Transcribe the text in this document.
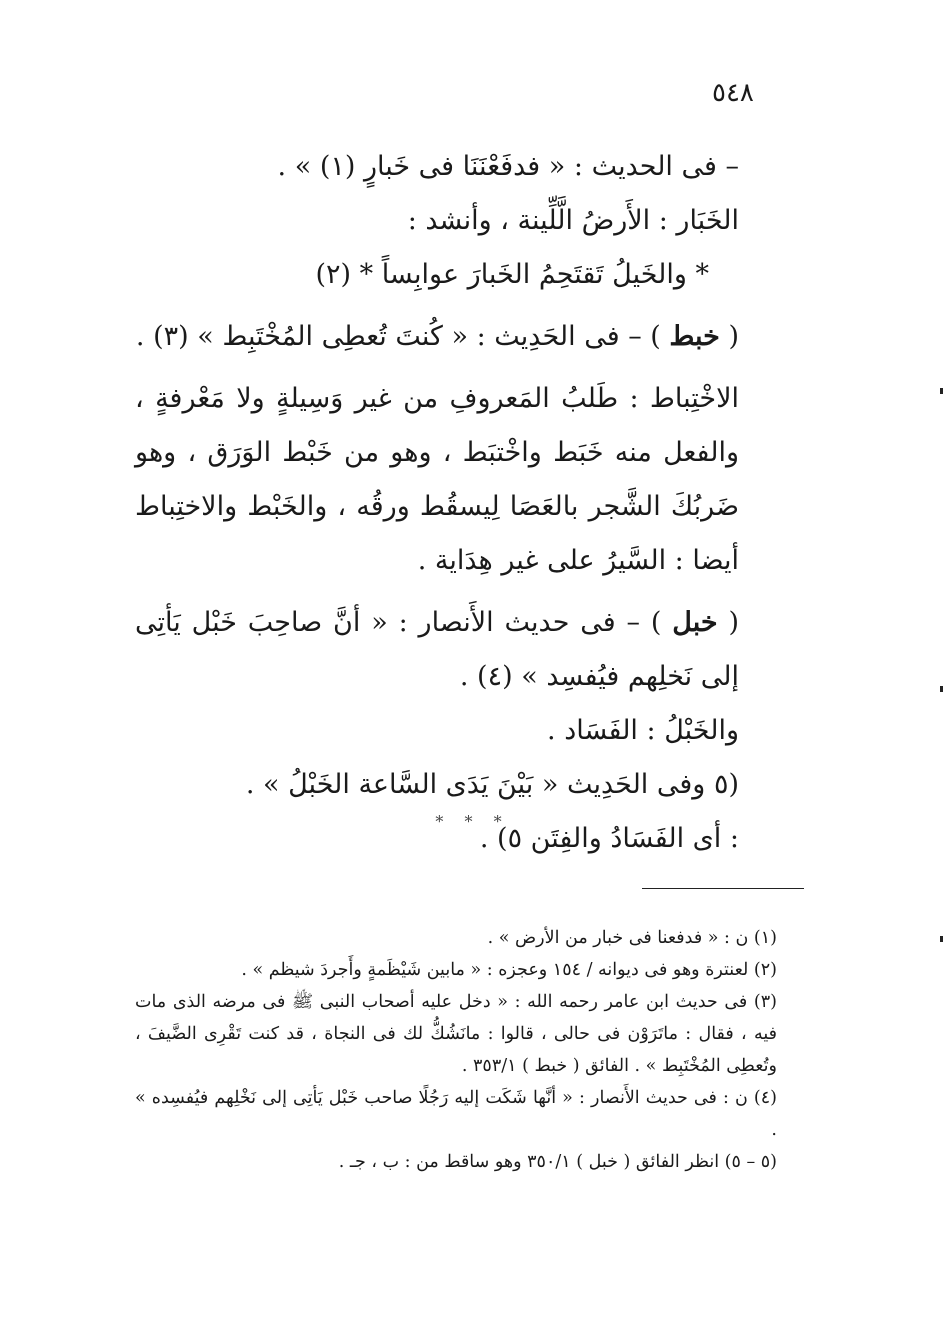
٥٤٨

– فى الحديث : « فدفَعْنَنَا فى خَبارٍ (١) » .

الخَبَار : الأَرضُ الَّلِّينة ، وأنشد :

* والخَيلُ تَقتَحِمُ الخَبارَ عوابِساً * (٢)

( خبط ) – فى الحَدِيث : « كُنتَ تُعطِى المُخْتَبِط » (٣) .

الاخْتِباط : طَلبُ المَعروفِ من غير وَسِيلةٍ ولا مَعْرفةٍ ، والفعل منه خَبَط واخْتبَط ، وهو من خَبْط الوَرَق ، وهو ضَربُكَ الشَّجر بالعَصَا لِيسقُط ورقُه ، والخَبْط والاختِباط أيضا : السَّيرُ على غير هِدَاية .

( خبل ) – فى حديث الأَنصار : « أنَّ صاحِبَ خَبْل يَأتِى إلى نَخلِهم فيُفسِد » (٤) .

والخَبْلُ : الفَسَاد .

(٥ وفى الحَدِيث « بَيْنَ يَدَى السَّاعة الخَبْلُ » .

: أى الفَسَادُ والفِتَن ٥) .

* * *

(١) ن : « فدفعنا فى خبار من الأرض » .

(٢) لعنترة وهو فى ديوانه / ١٥٤ وعجزه : « مابين شَيْظَمةٍ وأَجردَ شيظم » .

(٣) فى حديث ابن عامر رحمه الله : « دخل عليه أصحاب النبى ﷺ فى مرضه الذى مات فيه ، فقال : ماتَرَوْن فى حالى ، قالوا : مانَشُكُّ لك فى النجاة ، قد كنت تَقْرِى الضَّيفَ ، وتُعطِى المُخْتَبِط » . الفائق ( خبط ) ٣٥٣/١ .

(٤) ن : فى حديث الأَنصار : « أنَّها شَكَت إليه رَجُلًا صاحب خَبْل يَأتِى إلى نَخْلِهم فيُفسِده » .

(٥ – ٥) انظر الفائق ( خبل ) ٣٥٠/١ وهو ساقط من : ب ، جـ .
